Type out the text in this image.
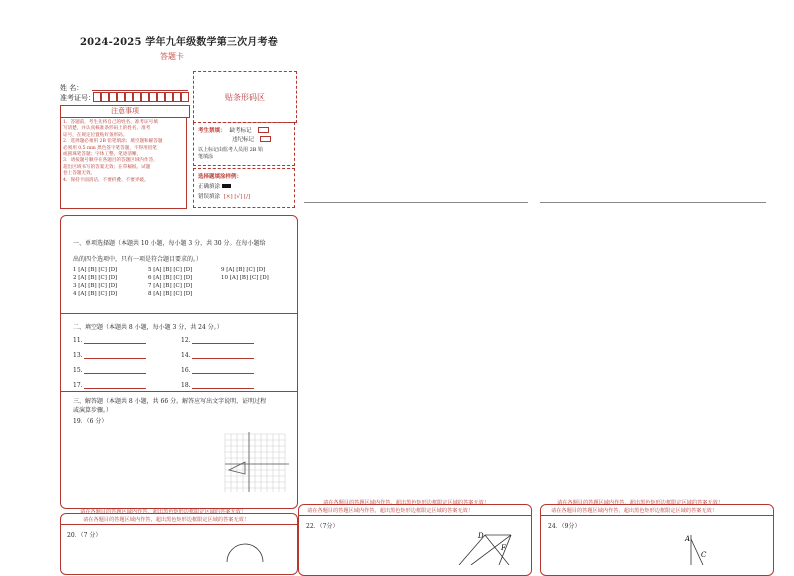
2024-2025 学年九年级数学第三次月考卷
答题卡
姓 名：
准考证号：
注意事项
1．答题前，考生先将自己的姓名、准考证号填
写清楚，并认真核准条形码上的姓名、准考
证号，在规定位置贴好条形码。
2．选择题必须用 2B 铅笔填涂；填空题和解答题
必须用 0.5 mm 黑色签字笔答题，不得用铅笔
或圆珠笔答题；字体工整、笔迹清晰。
3．请按题号顺序在各题目的答题区域内作答，
超出区域书写的答案无效；在草稿纸、试题
卷上答题无效。
4．保持卡面清洁，不要折叠、不要弄破。
贴条形码区
考生禁填： 缺考标记
违纪标记
以上标记由监考人员用 2B 铅
笔填涂
选择题填涂样例：
正确填涂
错误填涂 [×] [√] [/]
一、单项选择题（本题共 10 小题，每小题 3 分，共 30 分。在每小题给
出的四个选项中，只有一项是符合题目要求的。）
1 [A] [B] [C] [D]
2 [A] [B] [C] [D]
3 [A] [B] [C] [D]
4 [A] [B] [C] [D]
5 [A] [B] [C] [D]
6 [A] [B] [C] [D]
7 [A] [B] [C] [D]
8 [A] [B] [C] [D]
9 [A] [B] [C] [D]
10 [A] [B] [C] [D]
二、填空题（本题共 8 小题，每小题 3 分，共 24 分。）
11.	12.
13.	14.
15.	16.
17.	18.
三、解答题（本题共 8 小题，共 66 分。解答应写出文字说明、证明过程
或演算步骤。）
19．（6 分）
请在各题目的答题区域内作答，超出黑色矩形边框限定区域的答案无效！
请在各题目的答题区域内作答，超出黑色矩形边框限定区域的答案无效！	请在各题目的答题区域内作答，超出黑色矩形边框限定区域的答案无效！
请在各题目的答题区域内作答，超出黑色矩形边框限定区域的答案无效！
20．（7 分）
请在各题目的答题区域内作答，超出黑色矩形边框限定区域的答案无效！
22．（7分）
D
F
请在各题目的答题区域内作答，超出黑色矩形边框限定区域的答案无效！
24．（9分）
A
C
